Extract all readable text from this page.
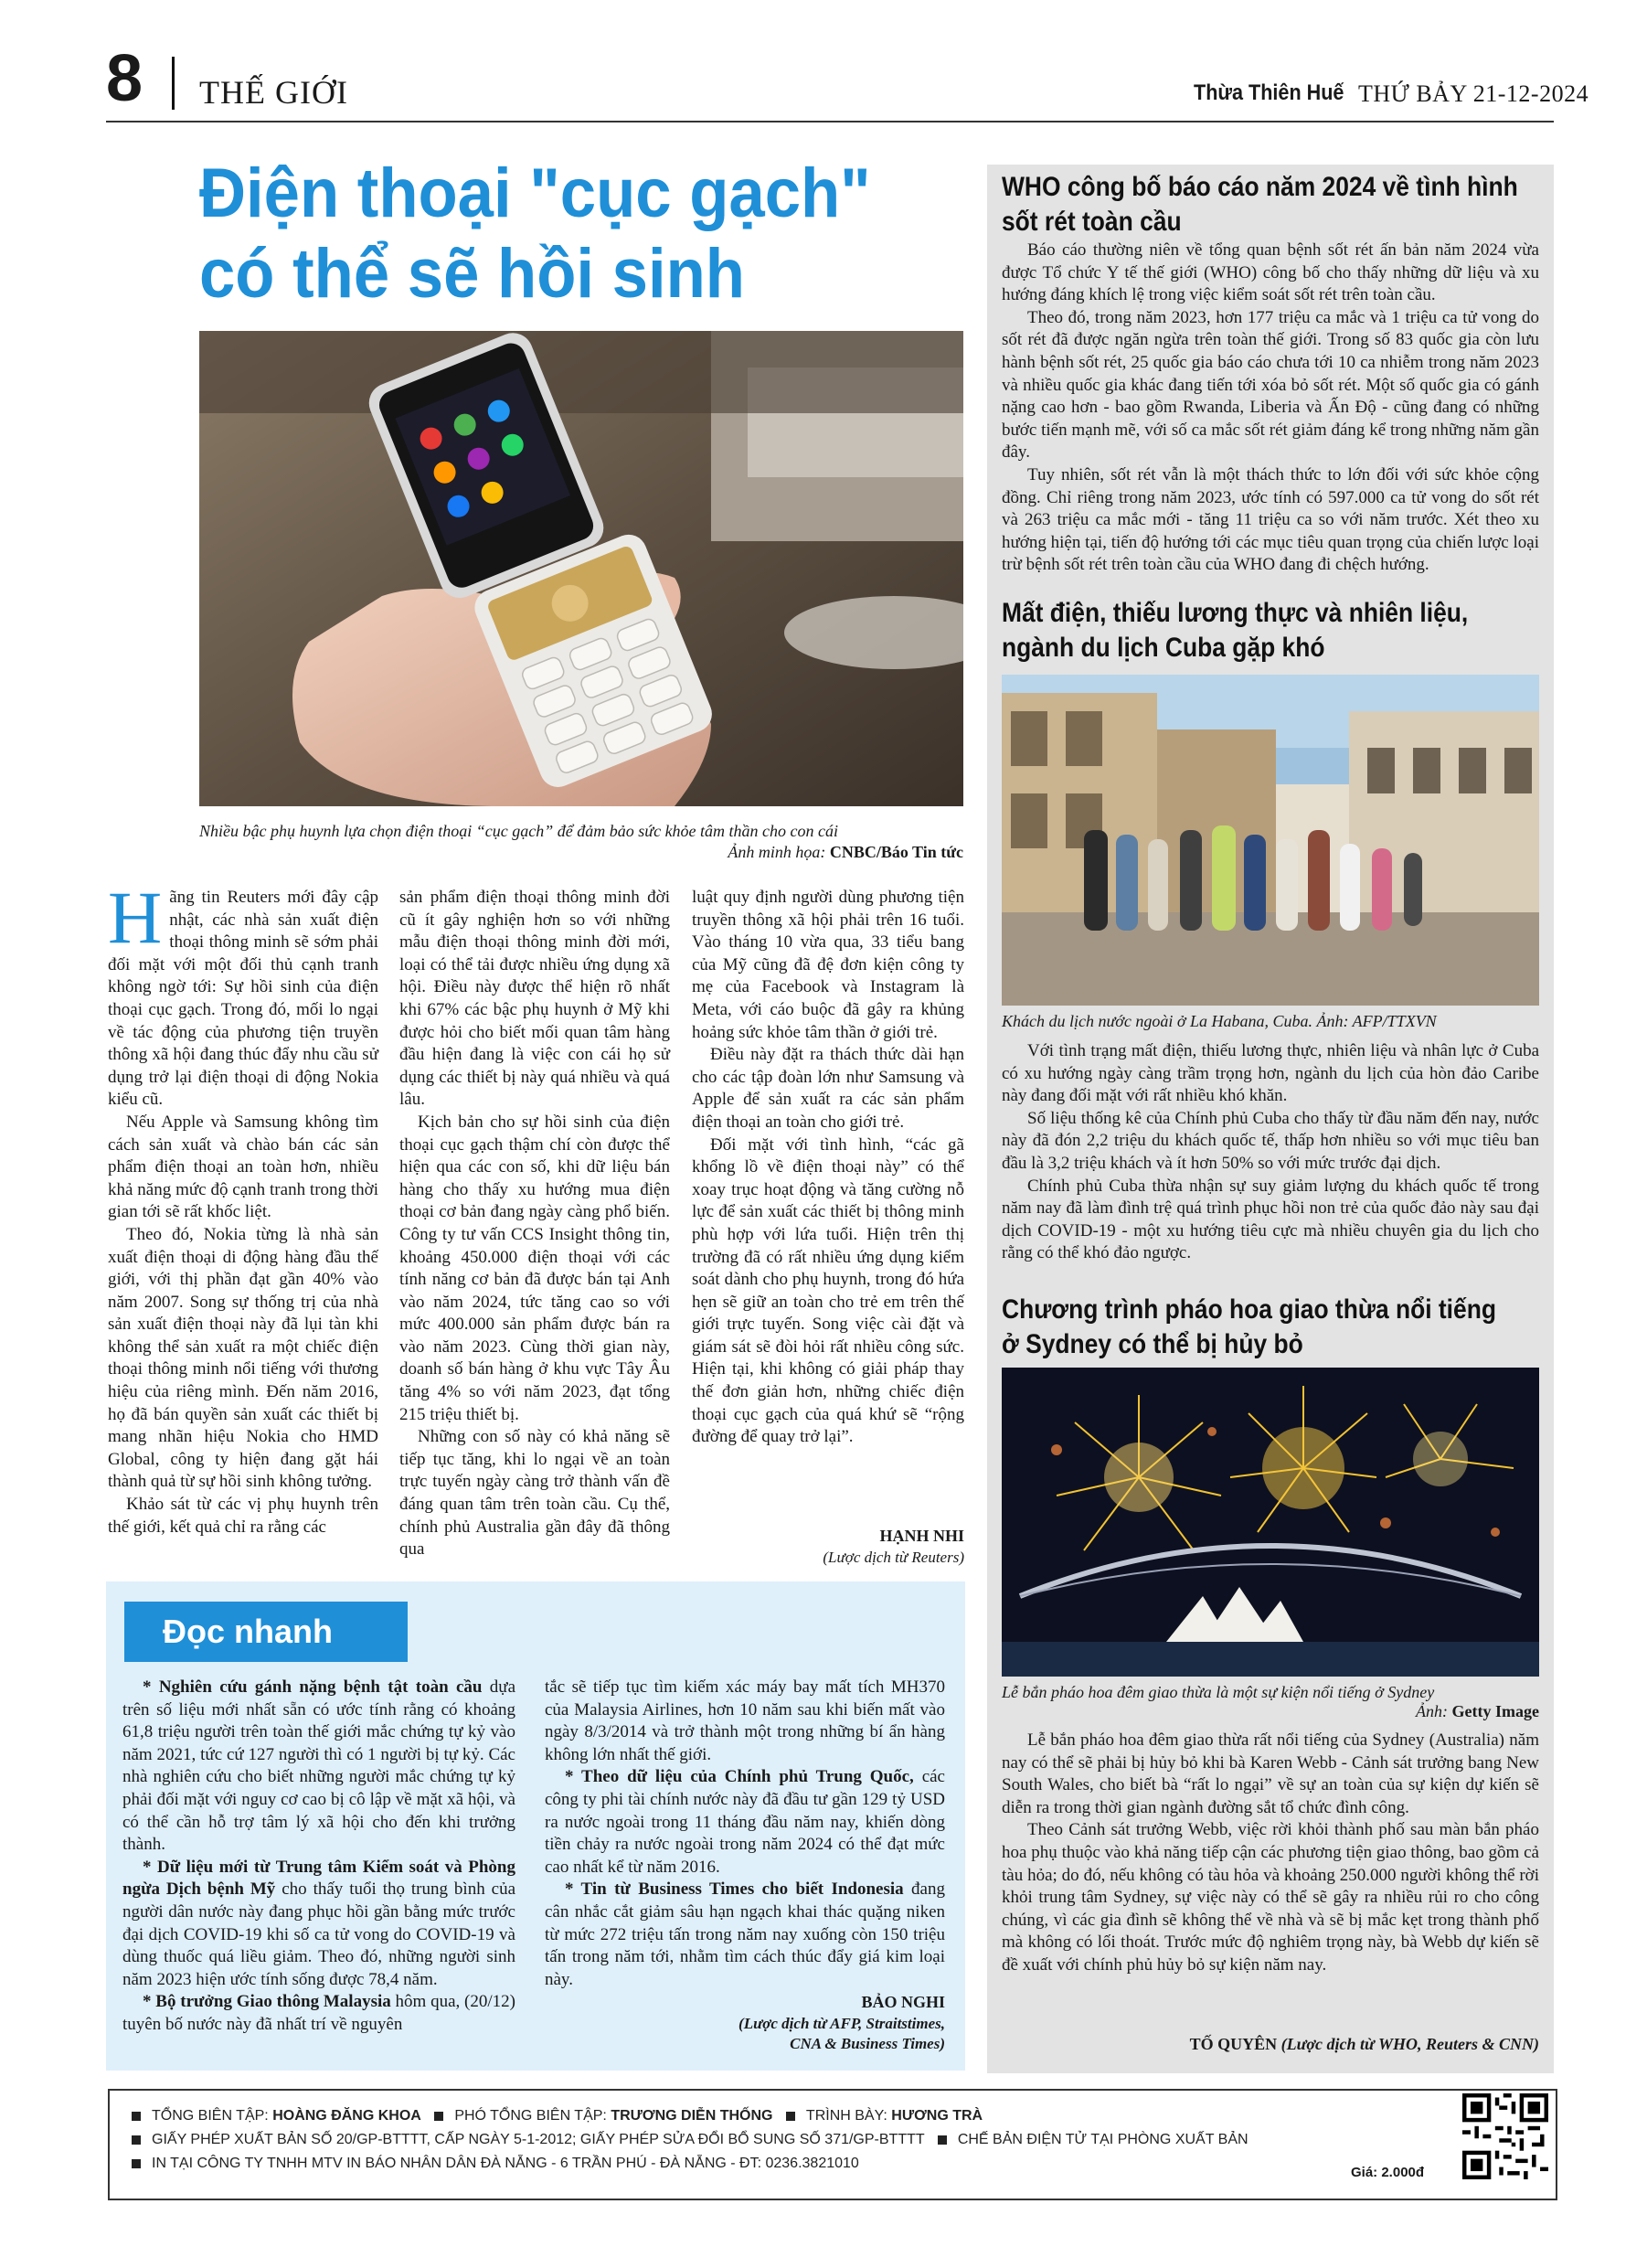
8 THẾ GIỚI	Thừa Thiên Huế THỨ BẢY 21-12-2024
Điện thoại "cục gạch"
có thể sẽ hồi sinh
Nhiều bậc phụ huynh lựa chọn điện thoại “cục gạch” để đảm bảo sức khỏe tâm thần cho con cái
Ảnh minh họa: CNBC/Báo Tin tức

Hãng tin Reuters mới đây cập nhật, các nhà sản xuất điện thoại thông minh sẽ sớm phải đối mặt với một đối thủ cạnh tranh không ngờ tới: Sự hồi sinh của điện thoại cục gạch. Trong đó, mối lo ngại về tác động của phương tiện truyền thông xã hội đang thúc đẩy nhu cầu sử dụng trở lại điện thoại di động Nokia kiểu cũ.

Nếu Apple và Samsung không tìm cách sản xuất và chào bán các sản phẩm điện thoại an toàn hơn, nhiều khả năng mức độ cạnh tranh trong thời gian tới sẽ rất khốc liệt.

Theo đó, Nokia từng là nhà sản xuất điện thoại di động hàng đầu thế giới, với thị phần đạt gần 40% vào năm 2007. Song sự thống trị của nhà sản xuất điện thoại này đã lụi tàn khi không thể sản xuất ra một chiếc điện thoại thông minh nổi tiếng với thương hiệu của riêng mình. Đến năm 2016, họ đã bán quyền sản xuất các thiết bị mang nhãn hiệu Nokia cho HMD Global, công ty hiện đang gặt hái thành quả từ sự hồi sinh không tưởng.

Khảo sát từ các vị phụ huynh trên thế giới, kết quả chỉ ra rằng các

sản phẩm điện thoại thông minh đời cũ ít gây nghiện hơn so với những mẫu điện thoại thông minh đời mới, loại có thể tải được nhiều ứng dụng xã hội. Điều này được thể hiện rõ nhất khi 67% các bậc phụ huynh ở Mỹ khi được hỏi cho biết mối quan tâm hàng đầu hiện đang là việc con cái họ sử dụng các thiết bị này quá nhiều và quá lâu.

Kịch bản cho sự hồi sinh của điện thoại cục gạch thậm chí còn được thể hiện qua các con số, khi dữ liệu bán hàng cho thấy xu hướng mua điện thoại cơ bản đang ngày càng phổ biến. Công ty tư vấn CCS Insight thông tin, khoảng 450.000 điện thoại với các tính năng cơ bản đã được bán tại Anh vào năm 2024, tức tăng cao so với mức 400.000 sản phẩm được bán ra vào năm 2023. Cùng thời gian này, doanh số bán hàng ở khu vực Tây Âu tăng 4% so với năm 2023, đạt tổng 215 triệu thiết bị.

Những con số này có khả năng sẽ tiếp tục tăng, khi lo ngại về an toàn trực tuyến ngày càng trở thành vấn đề đáng quan tâm trên toàn cầu. Cụ thể, chính phủ Australia gần đây đã thông qua

luật quy định người dùng phương tiện truyền thông xã hội phải trên 16 tuổi. Vào tháng 10 vừa qua, 33 tiểu bang của Mỹ cũng đã đệ đơn kiện công ty mẹ của Facebook và Instagram là Meta, với cáo buộc đã gây ra khủng hoảng sức khỏe tâm thần ở giới trẻ.

Điều này đặt ra thách thức dài hạn cho các tập đoàn lớn như Samsung và Apple để sản xuất ra các sản phẩm điện thoại an toàn cho giới trẻ.

Đối mặt với tình hình, “các gã khổng lồ về điện thoại này” có thể xoay trục hoạt động và tăng cường nỗ lực để sản xuất các thiết bị thông minh phù hợp với lứa tuổi. Hiện trên thị trường đã có rất nhiều ứng dụng kiểm soát dành cho phụ huynh, trong đó hứa hẹn sẽ giữ an toàn cho trẻ em trên thế giới trực tuyến. Song việc cài đặt và giám sát sẽ đòi hỏi rất nhiều công sức. Hiện tại, khi không có giải pháp thay thế đơn giản hơn, những chiếc điện thoại cục gạch của quá khứ sẽ “rộng đường để quay trở lại”.

HẠNH NHI
(Lược dịch từ Reuters)
WHO công bố báo cáo năm 2024 về tình hình
sốt rét toàn cầu

Báo cáo thường niên về tổng quan bệnh sốt rét ấn bản năm 2024 vừa được Tổ chức Y tế thế giới (WHO) công bố cho thấy những dữ liệu và xu hướng đáng khích lệ trong việc kiểm soát sốt rét trên toàn cầu.

Theo đó, trong năm 2023, hơn 177 triệu ca mắc và 1 triệu ca tử vong do sốt rét đã được ngăn ngừa trên toàn thế giới. Trong số 83 quốc gia còn lưu hành bệnh sốt rét, 25 quốc gia báo cáo chưa tới 10 ca nhiễm trong năm 2023 và nhiều quốc gia khác đang tiến tới xóa bỏ sốt rét. Một số quốc gia có gánh nặng cao hơn - bao gồm Rwanda, Liberia và Ấn Độ - cũng đang có những bước tiến mạnh mẽ, với số ca mắc sốt rét giảm đáng kể trong những năm gần đây.

Tuy nhiên, sốt rét vẫn là một thách thức to lớn đối với sức khỏe cộng đồng. Chỉ riêng trong năm 2023, ước tính có 597.000 ca tử vong do sốt rét và 263 triệu ca mắc mới - tăng 11 triệu ca so với năm trước. Xét theo xu hướng hiện tại, tiến độ hướng tới các mục tiêu quan trọng của chiến lược loại trừ bệnh sốt rét trên toàn cầu của WHO đang đi chệch hướng.

Mất điện, thiếu lương thực và nhiên liệu,
ngành du lịch Cuba gặp khó
Khách du lịch nước ngoài ở La Habana, Cuba. Ảnh: AFP/TTXVN

Với tình trạng mất điện, thiếu lương thực, nhiên liệu và nhân lực ở Cuba có xu hướng ngày càng trầm trọng hơn, ngành du lịch của hòn đảo Caribe này đang đối mặt với rất nhiều khó khăn.

Số liệu thống kê của Chính phủ Cuba cho thấy từ đầu năm đến nay, nước này đã đón 2,2 triệu du khách quốc tế, thấp hơn nhiều so với mục tiêu ban đầu là 3,2 triệu khách và ít hơn 50% so với mức trước đại dịch.

Chính phủ Cuba thừa nhận sự suy giảm lượng du khách quốc tế trong năm nay đã làm đình trệ quá trình phục hồi non trẻ của quốc đảo này sau đại dịch COVID-19 - một xu hướng tiêu cực mà nhiều chuyên gia du lịch cho rằng có thể khó đảo ngược.

Chương trình pháo hoa giao thừa nổi tiếng
ở Sydney có thể bị hủy bỏ
Lễ bắn pháo hoa đêm giao thừa là một sự kiện nổi tiếng ở Sydney
Ảnh: Getty Image

Lễ bắn pháo hoa đêm giao thừa rất nổi tiếng của Sydney (Australia) năm nay có thể sẽ phải bị hủy bỏ khi bà Karen Webb - Cảnh sát trưởng bang New South Wales, cho biết bà “rất lo ngại” về sự an toàn của sự kiện dự kiến sẽ diễn ra trong thời gian ngành đường sắt tổ chức đình công.

Theo Cảnh sát trưởng Webb, việc rời khỏi thành phố sau màn bắn pháo hoa phụ thuộc vào khả năng tiếp cận các phương tiện giao thông, bao gồm cả tàu hỏa; do đó, nếu không có tàu hỏa và khoảng 250.000 người không thể rời khỏi trung tâm Sydney, sự việc này có thể sẽ gây ra nhiều rủi ro cho công chúng, vì các gia đình sẽ không thể về nhà và sẽ bị mắc kẹt trong thành phố mà không có lối thoát. Trước mức độ nghiêm trọng này, bà Webb dự kiến sẽ đề xuất với chính phủ hủy bỏ sự kiện năm nay.

TỐ QUYÊN (Lược dịch từ WHO, Reuters & CNN)
Đọc nhanh

* Nghiên cứu gánh nặng bệnh tật toàn cầu dựa trên số liệu mới nhất sẵn có ước tính rằng có khoảng 61,8 triệu người trên toàn thế giới mắc chứng tự kỷ vào năm 2021, tức cứ 127 người thì có 1 người bị tự kỷ. Các nhà nghiên cứu cho biết những người mắc chứng tự kỷ phải đối mặt với nguy cơ cao bị cô lập về mặt xã hội, và có thể cần hỗ trợ tâm lý xã hội cho đến khi trưởng thành.

* Dữ liệu mới từ Trung tâm Kiểm soát và Phòng ngừa Dịch bệnh Mỹ cho thấy tuổi thọ trung bình của người dân nước này đang phục hồi gần bằng mức trước đại dịch COVID-19 khi số ca tử vong do COVID-19 và dùng thuốc quá liều giảm. Theo đó, những người sinh năm 2023 hiện ước tính sống được 78,4 năm.

* Bộ trưởng Giao thông Malaysia hôm qua, (20/12) tuyên bố nước này đã nhất trí về nguyên

tắc sẽ tiếp tục tìm kiếm xác máy bay mất tích MH370 của Malaysia Airlines, hơn 10 năm sau khi biến mất vào ngày 8/3/2014 và trở thành một trong những bí ẩn hàng không lớn nhất thế giới.

* Theo dữ liệu của Chính phủ Trung Quốc, các công ty phi tài chính nước này đã đầu tư gần 129 tỷ USD ra nước ngoài trong 11 tháng đầu năm nay, khiến dòng tiền chảy ra nước ngoài trong năm 2024 có thể đạt mức cao nhất kể từ năm 2016.

* Tin từ Business Times cho biết Indonesia đang cân nhắc cắt giảm sâu hạn ngạch khai thác quặng niken từ mức 272 triệu tấn trong năm nay xuống còn 150 triệu tấn trong năm tới, nhằm tìm cách thúc đẩy giá kim loại này.

BẢO NGHI
(Lược dịch từ AFP, Straitstimes,
CNA & Business Times)
TỔNG BIÊN TẬP: HOÀNG ĐĂNG KHOA PHÓ TỔNG BIÊN TẬP: TRƯƠNG DIỄN THỐNG TRÌNH BÀY: HƯƠNG TRÀ
GIẤY PHÉP XUẤT BẢN SỐ 20/GP-BTTTT, CẤP NGÀY 5-1-2012; GIẤY PHÉP SỬA ĐỔI BỔ SUNG SỐ 371/GP-BTTTT CHẾ BẢN ĐIỆN TỬ TẠI PHÒNG XUẤT BẢN
IN TẠI CÔNG TY TNHH MTV IN BÁO NHÂN DÂN ĐÀ NẴNG - 6 TRẦN PHÚ - ĐÀ NẴNG - ĐT: 0236.3821010
Giá: 2.000đ
